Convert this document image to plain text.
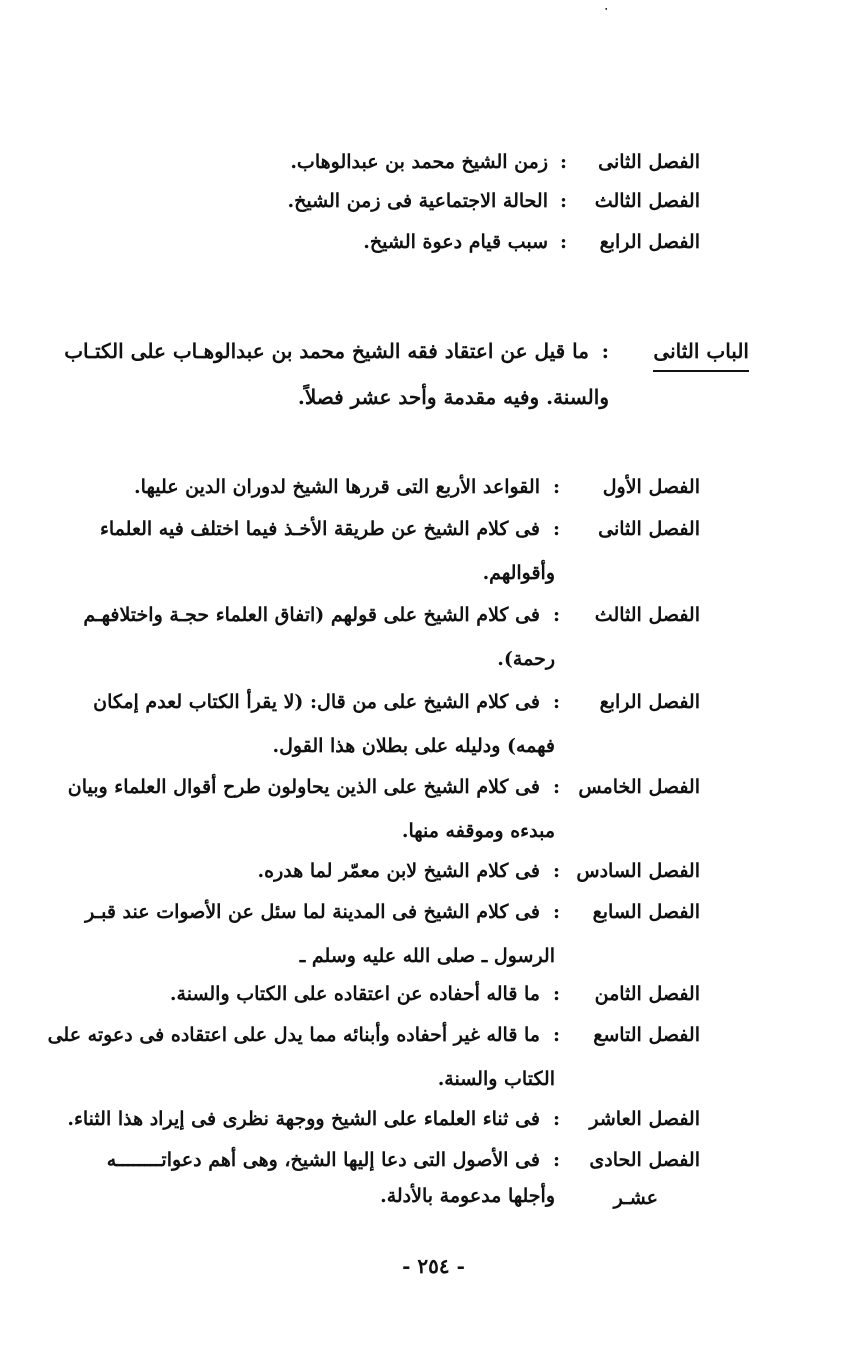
‧
الفصل الثانى
:
زمن الشيخ محمد بن عبدالوهاب.
الفصل الثالث
:
الحالة الاجتماعية فى زمن الشيخ.
الفصل الرابع
:
سبب قيام دعوة الشيخ.
الباب الثانى
:
ما قيل عن اعتقاد فقه الشيخ محمد بن عبدالوهـاب على الكتـاب
والسنة. وفيه مقدمة وأحد عشر فصلاً.
الفصل الأول
:
القواعد الأربع التى قررها الشيخ لدوران الدين عليها.
الفصل الثانى
:
فى كلام الشيخ عن طريقة الأخـذ فيما اختلف فيه العلماء
وأقوالهم.
الفصل الثالث
:
فى كلام الشيخ على قولهم (اتفاق العلماء حجـة واختلافهـم
رحمة).
الفصل الرابع
:
فى كلام الشيخ على من قال: (لا يقرأ الكتاب لعدم إمكان
فهمه) ودليله على بطلان هذا القول.
الفصل الخامس
:
فى كلام الشيخ على الذين يحاولون طرح أقوال العلماء وبيان
مبدءه وموقفه منها.
الفصل السادس
:
فى كلام الشيخ لابن معمّر لما هدره.
الفصل السابع
:
فى كلام الشيخ فى المدينة لما سئل عن الأصوات عند قبـر
الرسول ـ صلى الله عليه وسلم ـ
الفصل الثامن
:
ما قاله أحفاده عن اعتقاده على الكتاب والسنة.
الفصل التاسع
:
ما قاله غير أحفاده وأبنائه مما يدل على اعتقاده فى دعوته على
الكتاب والسنة.
الفصل العاشر
:
فى ثناء العلماء على الشيخ ووجهة نظرى فى إيراد هذا الثناء.
الفصل الحادى
:
فى الأصول التى دعا إليها الشيخ، وهى أهم دعواتــــــــه
عشـر
وأجلها مدعومة بالأدلة.
- ٢٥٤ -
